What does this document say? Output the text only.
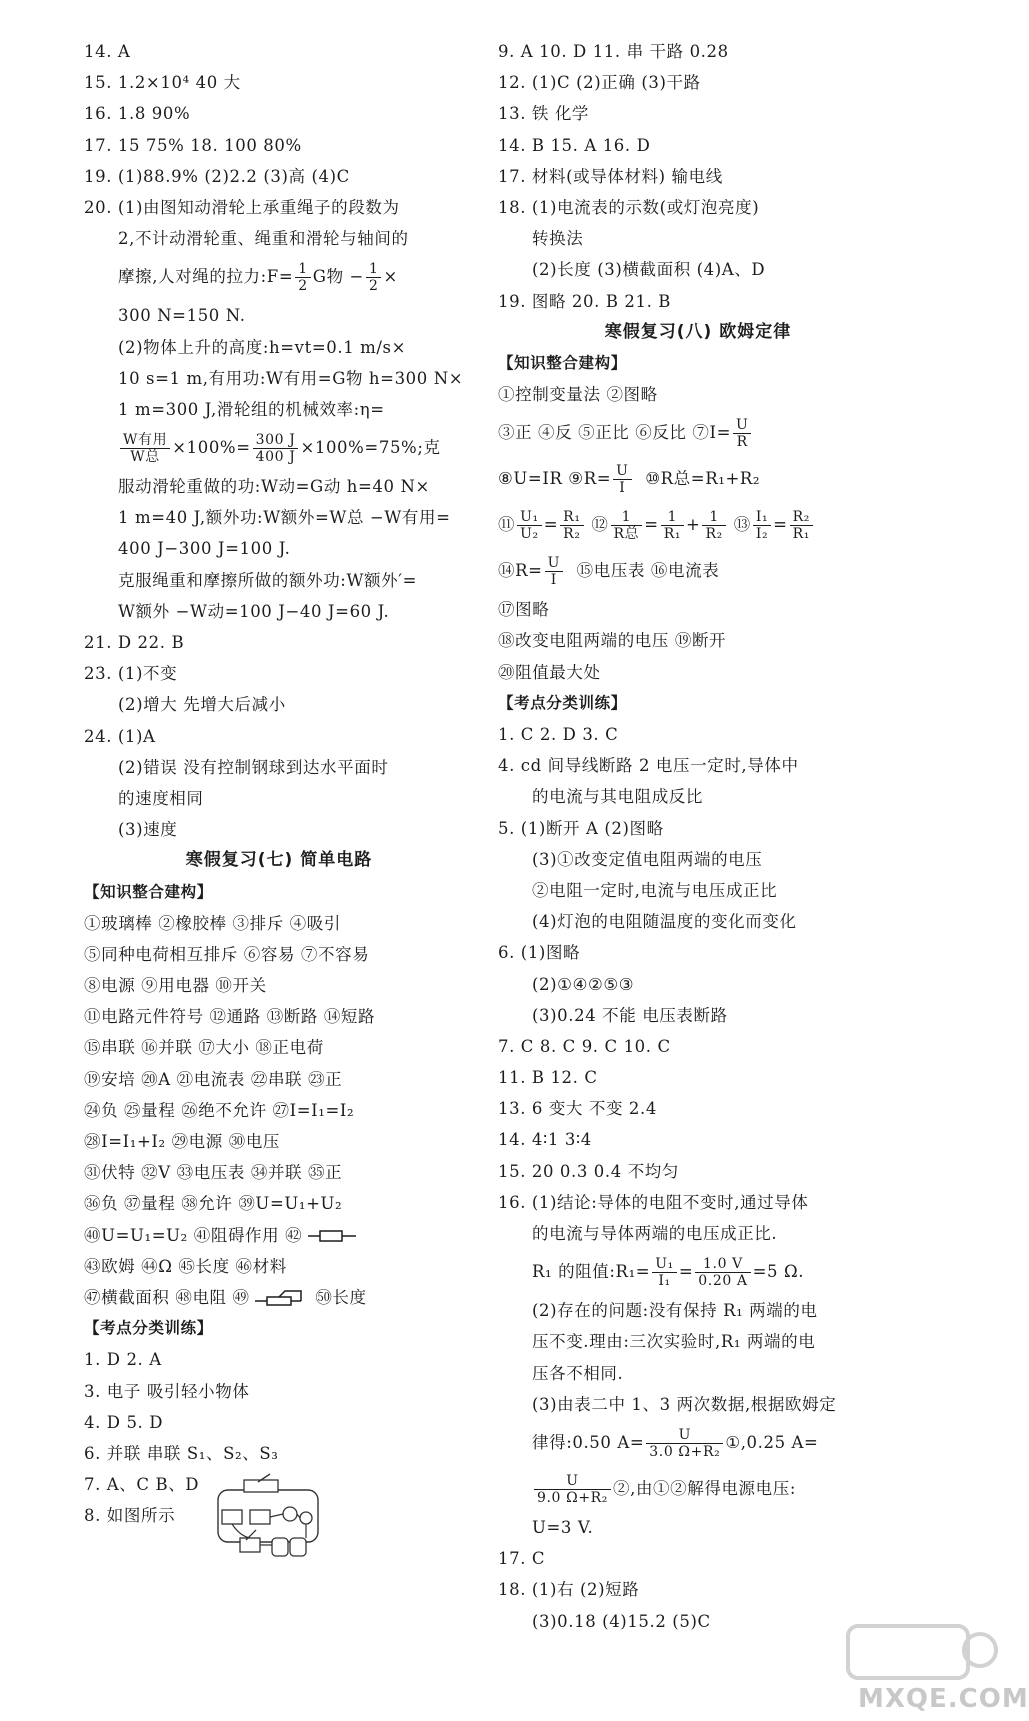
14. A
15. 1.2×10⁴ 40 大
16. 1.8 90%
17. 15 75% 18. 100 80%
19. (1)88.9% (2)2.2 (3)高 (4)C
20. (1)由图知动滑轮上承重绳子的段数为
2,不计动滑轮重、绳重和滑轮与轴间的
摩擦,人对绳的拉力:F= $\frac{1}{2}$ G物 − $\frac{1}{2}$ ×
300 N=150 N.
(2)物体上升的高度:h=vt=0.1 m/s×
10 s=1 m,有用功:W有用=G物 h=300 N×
1 m=300 J,滑轮组的机械效率:η=
$\frac{\text{W有用}}{\text{W总}} \times 100\%= \frac{300 J}{400 J} \times 100\%=75\%$;克
服动滑轮重做的功:W动=G动 h=40 N×
1 m=40 J,额外功:W额外=W总 −W有用=
400 J−300 J=100 J.
克服绳重和摩擦所做的额外功:W额外′=
W额外 −W动=100 J−40 J=60 J.
21. D 22. B
23. (1)不变
(2)增大 先增大后减小
24. (1)A
(2)错误 没有控制钢球到达水平面时
的速度相同
(3)速度
寒假复习(七) 简单电路
【知识整合建构】
①玻璃棒 ②橡胶棒 ③排斥 ④吸引
⑤同种电荷相互排斥 ⑥容易 ⑦不容易
⑧电源 ⑨用电器 ⑩开关
⑪电路元件符号 ⑫通路 ⑬断路 ⑭短路
⑮串联 ⑯并联 ⑰大小 ⑱正电荷
⑲安培 ⑳A ㉑电流表 ㉒串联 ㉓正
㉔负 ㉕量程 ㉖绝不允许 ㉗I=I₁=I₂
㉘I=I₁+I₂ ㉙电源 ㉚电压
㉛伏特 ㉜V ㉝电压表 ㉞并联 ㉟正
㊱负 ㊲量程 ㊳允许 ㊴U=U₁+U₂
㊵U=U₁=U₂ ㊶阻碍作用 ㊷
㊸欧姆 ㊹Ω ㊺长度 ㊻材料
㊼横截面积 ㊽电阻 ㊾	㊿长度
【考点分类训练】
1. D 2. A
3. 电子 吸引轻小物体
4. D 5. D
6. 并联 串联 S₁、S₂、S₃
7. A、C B、D
8. 如图所示
9. A 10. D 11. 串 干路 0.28
12. (1)C (2)正确 (3)干路
13. 铁 化学
14. B 15. A 16. D
17. 材料(或导体材料) 输电线
18. (1)电流表的示数(或灯泡亮度)
转换法
(2)长度 (3)横截面积 (4)A、D
19. 图略 20. B 21. B
寒假复习(八) 欧姆定律
【知识整合建构】
①控制变量法 ②图略
③正 ④反 ⑤正比 ⑥反比 ⑦I= $\frac{U}{R}$
⑧U=IR ⑨R= $\frac{U}{I}$ ⑩R总=R₁+R₂
⑪ $\frac{\text{U₁}}{\text{U₂}} = \frac{\text{R₁}}{\text{R₂}}$ ⑫ $\frac{1}{\text{R总}} = \frac{1}{\text{R₁}} + \frac{1}{\text{R₂}}$ ⑬ $\frac{\text{I₁}}{\text{I₂}} = \frac{\text{R₂}}{\text{R₁}}$
⑭R= $\frac{U}{I}$ ⑮电压表 ⑯电流表
⑰图略
⑱改变电阻两端的电压 ⑲断开
⑳阻值最大处
【考点分类训练】
1. C 2. D 3. C
4. cd 间导线断路 2 电压一定时,导体中
的电流与其电阻成反比
5. (1)断开 A (2)图略
(3)①改变定值电阻两端的电压
②电阻一定时,电流与电压成正比
(4)灯泡的电阻随温度的变化而变化
6. (1)图略
(2)①④②⑤③
(3)0.24 不能 电压表断路
7. C 8. C 9. C 10. C
11. B 12. C
13. 6 变大 不变 2.4
14. 4∶1 3∶4
15. 20 0.3 0.4 不均匀
16. (1)结论:导体的电阻不变时,通过导体
的电流与导体两端的电压成正比.
R₁ 的阻值:R₁= $\frac{\text{U₁}}{\text{I₁}} = \frac{1.0 V}{0.20 A} =5$ Ω.
(2)存在的问题:没有保持 R₁ 两端的电
压不变.理由:三次实验时,R₁ 两端的电
压各不相同.
(3)由表二中 1、3 两次数据,根据欧姆定
律得:0.50 $A= \frac{U}{\text{3.0 Ω+R₂}}$ ①,0.25 A=
$\frac{U}{\text{9.0 Ω+R₂}}$ ②,由①②解得电源电压:
U=3 V.
17. C
18. (1)右 (2)短路
(3)0.18 (4)15.2 (5)C
MXQE.COM
